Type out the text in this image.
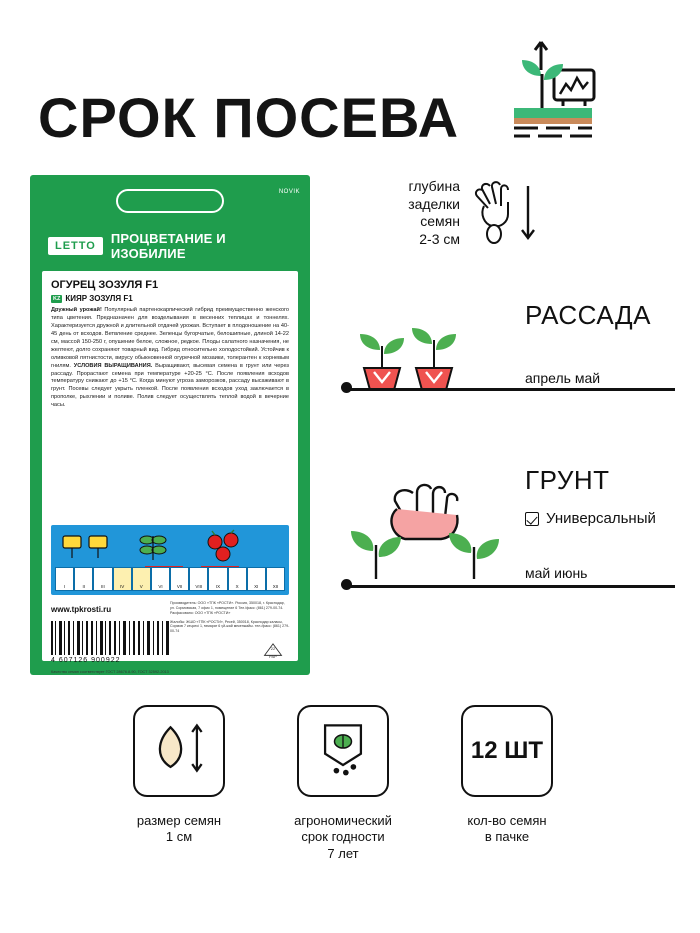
СРОК ПОСЕВА
NOVIK
LETTO	ПРОЦВЕТАНИЕ И ИЗОБИЛИЕ
ОГУРЕЦ ЗОЗУЛЯ F1
KZ КИЯР ЗОЗУЛЯ F1
Дружный урожай! Популярный партенокарпический гибрид преимущественно женского типа цветения. Предназначен для возделывания в весенних теплицах и тоннелях. Характеризуется дружной и длительной отдачей урожая. Вступает в плодоношение на 40-45 день от всходов. Ветвление среднее. Зеленцы бугорчатые, белошипные, длиной 14-22 см, массой 150-250 г, опушение белое, сложное, редкое. Плоды салатного назначения, не желтеют, долго сохраняют товарный вид. Гибрид относительно холодостойкий. Устойчив к оливковой пятнистости, вирусу обыкновенной огуречной мозаики, толерантен к корневым гнилям. УСЛОВИЯ ВЫРАЩИВАНИЯ. Выращивают, высевая семена в грунт или через рассаду. Прорастают семена при температуре +20-25 °С. После появления всходов температуру снижают до +15 °С. Когда минуют угроза заморозков, рассаду высаживают в грунт. Посевы следует укрыть пленкой. После появления всходов уход заключается в прополке, рыхлении и поливе. Полив следует осуществлять теплой водой в вечерние часы.
I	II	III	IV	V	VI	VII	VIII	IX	X	XI	XII
www.tpkrosti.ru
Производитель: ООО «ТПК «РОСТИ». Россия, 350018, г. Краснодар, ул. Сормовская, 7 офис 1, помещение 6 Тел./факс: (861) 279-00-74. Расфасовано: ООО «ТПК «РОСТИ»
Жалобы: ЖШО «ТПК «РОСТИ», Ресей, 350018, Краснодар каласы, Сормов 7 кеңсесі 1, ғимарат 6 үй-жай мекенжайы. тел./факс: (861) 279-00-74
4 607126 900922
Качество семян соответствует ГОСТ 28676.8-90, ГОСТ 32592-2013
22
PAP
глубина
заделки
семян
2-3 см
РАССАДА
апрель май
ГРУНТ
Универсальный
май июнь
размер семян
1 см
агрономический
срок годности
7 лет
12 ШТ
кол-во семян
в пачке
